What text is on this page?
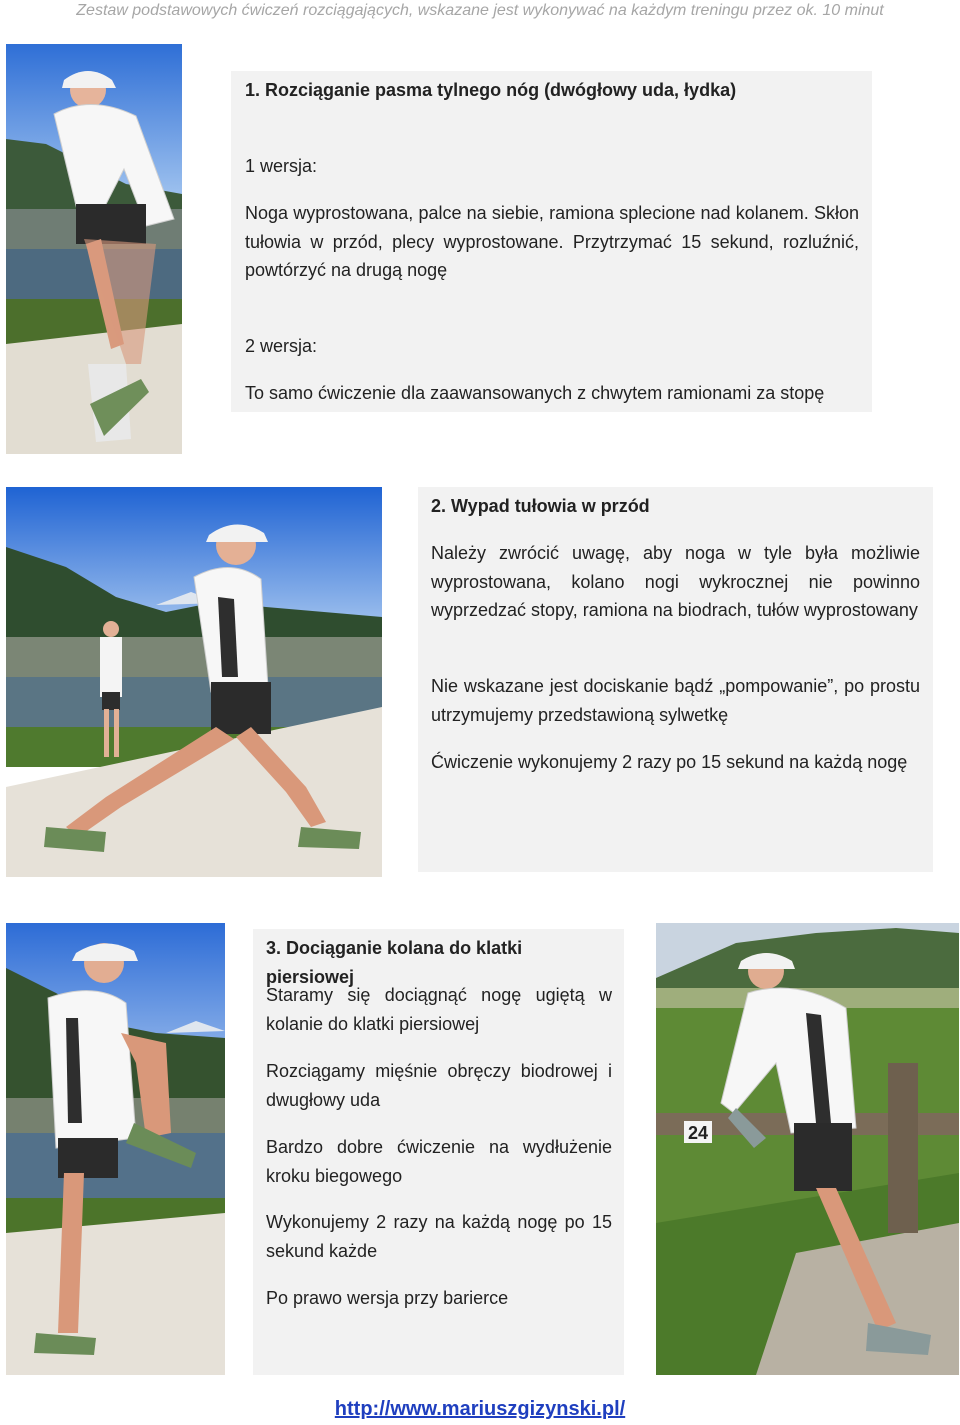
Zestaw podstawowych ćwiczeń rozciągających, wskazane jest wykonywać na każdym treningu przez ok. 10 minut

1. Rozciąganie pasma tylnego nóg (dwógłowy uda, łydka)

1 wersja:

Noga wyprostowana, palce na siebie, ramiona splecione nad kolanem. Skłon tułowia w przód, plecy wyprostowane. Przytrzymać 15 sekund, rozluźnić, powtórzyć na drugą nogę

2 wersja:

To samo ćwiczenie dla zaawansowanych z chwytem ramionami za stopę

2. Wypad tułowia w przód

Należy zwrócić uwagę, aby noga w tyle była możliwie wyprostowana, kolano nogi wykrocznej nie powinno wyprzedzać stopy, ramiona na biodrach, tułów wyprostowany

Nie wskazane jest dociskanie bądź „pompowanie”, po prostu utrzymujemy przedstawioną sylwetkę

Ćwiczenie wykonujemy 2 razy po 15 sekund na każdą nogę

3. Dociąganie kolana do klatki piersiowej

Staramy się dociągnąć nogę ugiętą w kolanie do klatki piersiowej

Rozciągamy mięśnie obręczy biodrowej i dwugłowy uda

Bardzo dobre ćwiczenie na wydłużenie kroku biegowego

Wykonujemy 2 razy na każdą nogę po 15 sekund każde

Po prawo wersja przy barierce

24
http://www.mariuszgizynski.pl/
